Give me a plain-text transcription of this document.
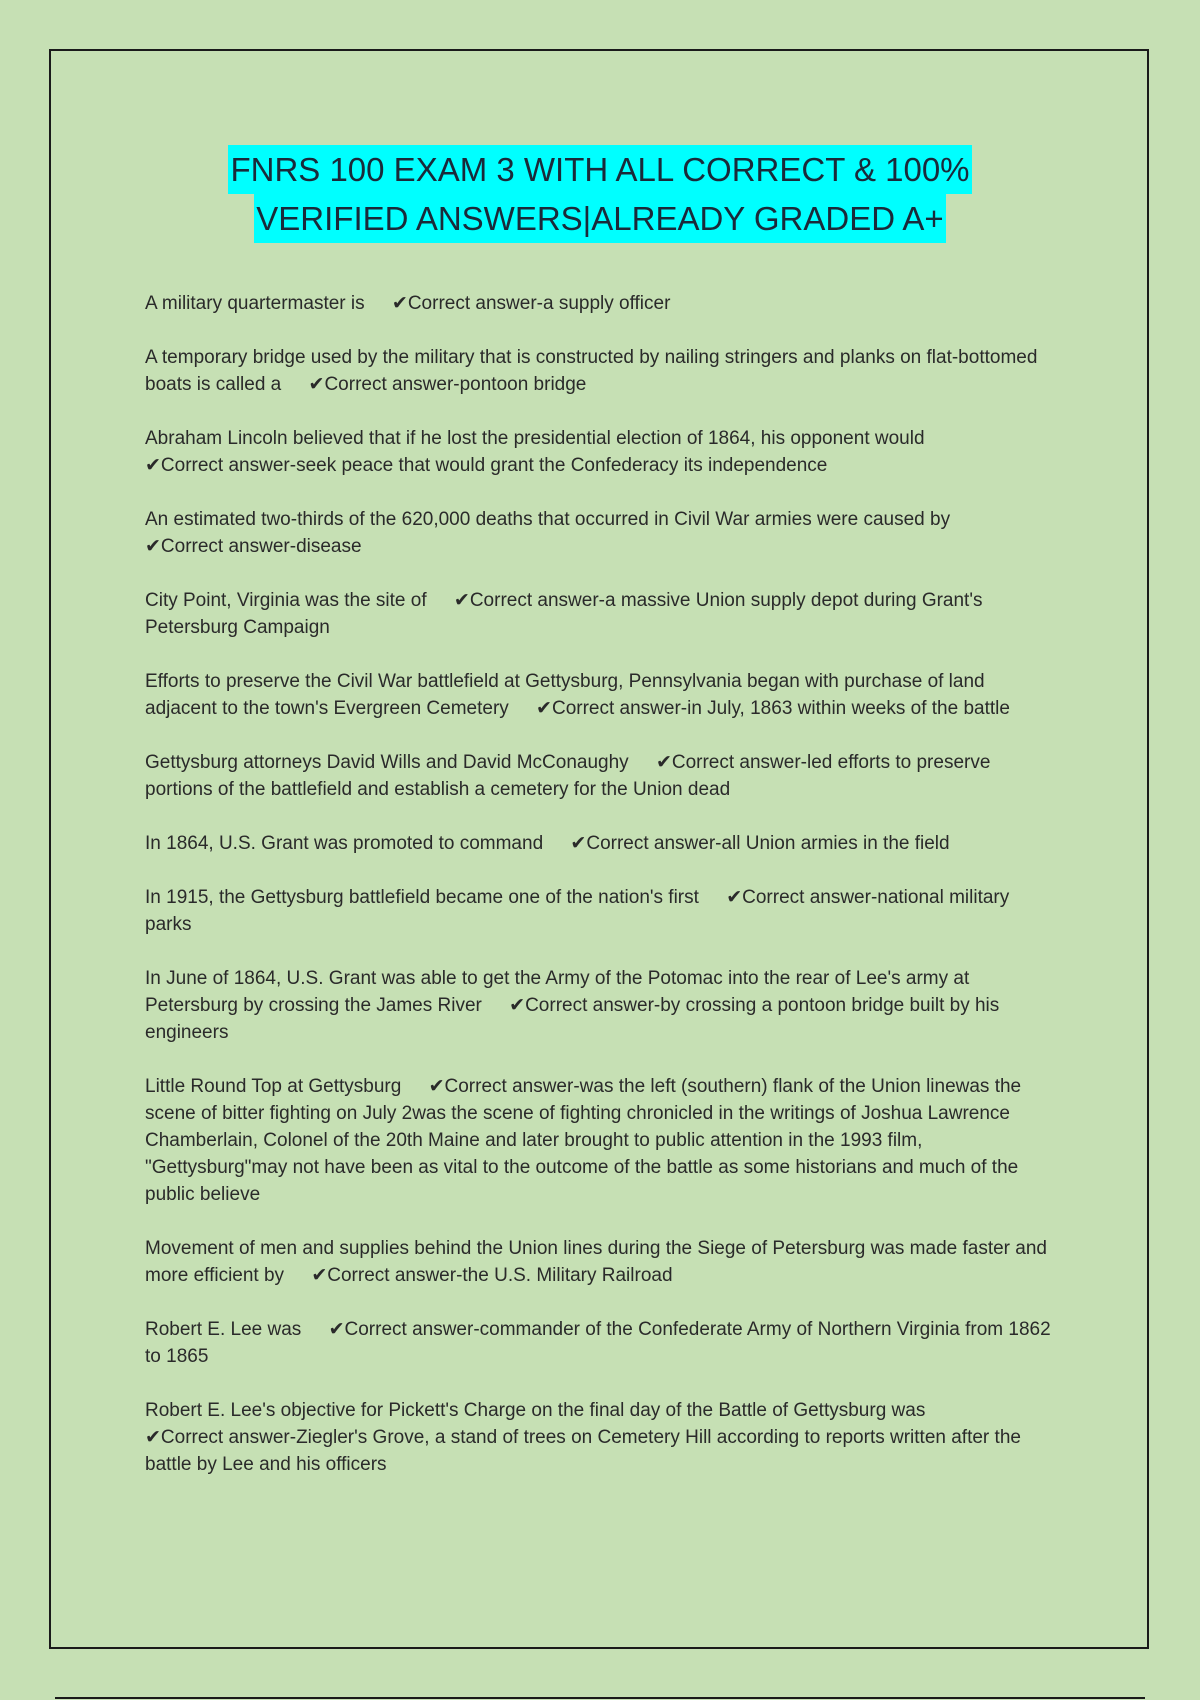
FNRS 100 EXAM 3 WITH ALL CORRECT & 100%
VERIFIED ANSWERS|ALREADY GRADED A+

A military quartermaster is ✔Correct answer-a supply officer

A temporary bridge used by the military that is constructed by nailing stringers and planks on flat-bottomed boats is called a ✔Correct answer-pontoon bridge

Abraham Lincoln believed that if he lost the presidential election of 1864, his opponent would
✔Correct answer-seek peace that would grant the Confederacy its independence

An estimated two-thirds of the 620,000 deaths that occurred in Civil War armies were caused by
✔Correct answer-disease

City Point, Virginia was the site of ✔Correct answer-a massive Union supply depot during Grant's Petersburg Campaign

Efforts to preserve the Civil War battlefield at Gettysburg, Pennsylvania began with purchase of land adjacent to the town's Evergreen Cemetery ✔Correct answer-in July, 1863 within weeks of the battle

Gettysburg attorneys David Wills and David McConaughy ✔Correct answer-led efforts to preserve portions of the battlefield and establish a cemetery for the Union dead

In 1864, U.S. Grant was promoted to command ✔Correct answer-all Union armies in the field

In 1915, the Gettysburg battlefield became one of the nation's first ✔Correct answer-national military parks

In June of 1864, U.S. Grant was able to get the Army of the Potomac into the rear of Lee's army at Petersburg by crossing the James River ✔Correct answer-by crossing a pontoon bridge built by his engineers

Little Round Top at Gettysburg ✔Correct answer-was the left (southern) flank of the Union linewas the scene of bitter fighting on July 2was the scene of fighting chronicled in the writings of Joshua Lawrence Chamberlain, Colonel of the 20th Maine and later brought to public attention in the 1993 film, "Gettysburg"may not have been as vital to the outcome of the battle as some historians and much of the public believe

Movement of men and supplies behind the Union lines during the Siege of Petersburg was made faster and more efficient by ✔Correct answer-the U.S. Military Railroad

Robert E. Lee was ✔Correct answer-commander of the Confederate Army of Northern Virginia from 1862 to 1865

Robert E. Lee's objective for Pickett's Charge on the final day of the Battle of Gettysburg was
✔Correct answer-Ziegler's Grove, a stand of trees on Cemetery Hill according to reports written after the battle by Lee and his officers
